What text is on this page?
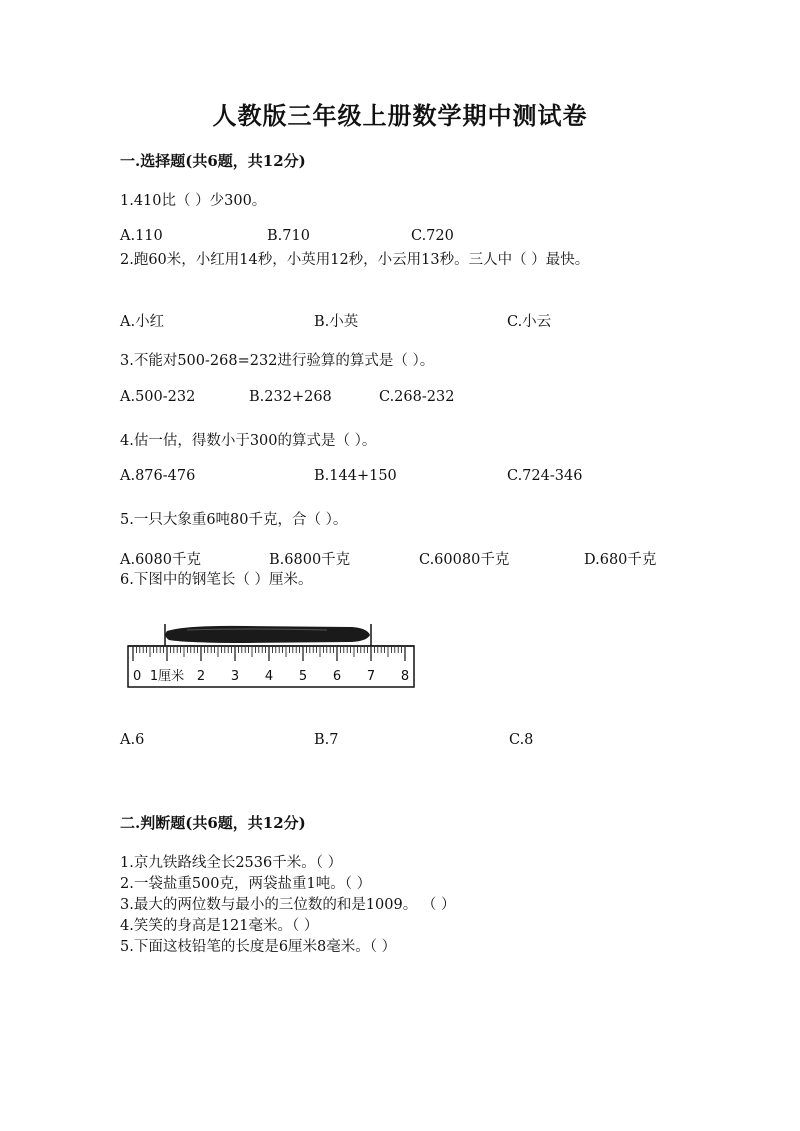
人教版三年级上册数学期中测试卷
一.选择题(共6题，共12分)
1.410比（ ）少300。
A.110	B.710	C.720
2.跑60米，小红用14秒，小英用12秒，小云用13秒。三人中（ ）最快。
A.小红	B.小英	C.小云
3.不能对500-268=232进行验算的算式是（ ）。
A.500-232	B.232+268	C.268-232
4.估一估，得数小于300的算式是（ ）。
A.876-476	B.144+150	C.724-346
5.一只大象重6吨80千克，合（ ）。
A.6080千克	B.6800千克	C.60080千克	D.680千克
6.下图中的钢笔长（ ）厘米。
0 1厘米 2 3 4 5 6 7 8
A.6	B.7	C.8
二.判断题(共6题，共12分)
1.京九铁路线全长2536千米。（ ）
2.一袋盐重500克，两袋盐重1吨。（ ）
3.最大的两位数与最小的三位数的和是1009。 （ ）
4.笑笑的身高是121毫米。（ ）
5.下面这枝铅笔的长度是6厘米8毫米。（ ）
